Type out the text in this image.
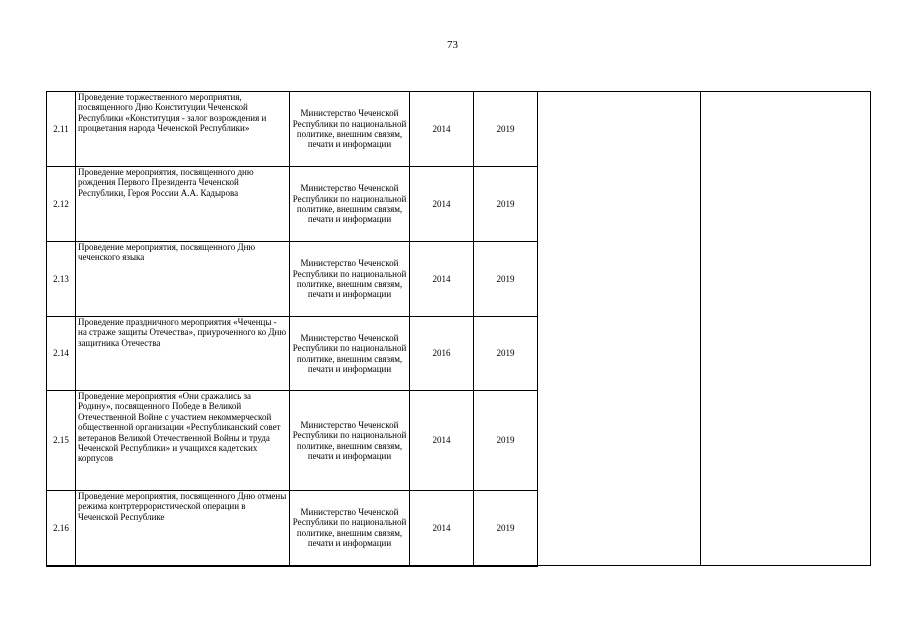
73
2.11	Проведение торжественного мероприятия, посвященного Дню Конституции Чеченской Республики «Конституция - залог возрождения и процветания народа Чеченской Республики»	Министерство Чеченской Республики по национальной политике, внешним связям, печати и информации	2014	2019		
2.12	Проведение мероприятия, посвященного дню рождения Первого Президента Чеченской Республики, Героя России А.А. Кадырова	Министерство Чеченской Республики по национальной политике, внешним связям, печати и информации	2014	2019		
2.13	Проведение мероприятия, посвященного Дню чеченского языка	Министерство Чеченской Республики по национальной политике, внешним связям, печати и информации	2014	2019		
2.14	Проведение праздничного мероприятия «Чеченцы - на страже защиты Отечества», приуроченного ко Дню защитника Отечества	Министерство Чеченской Республики по национальной политике, внешним связям, печати и информации	2016	2019		
2.15	Проведение мероприятия «Они сражались за Родину», посвященного Победе в Великой Отечественной Войне с участием некоммерческой общественной организации «Республиканский совет ветеранов Великой Отечественной Войны и труда Чеченской Республики» и учащихся кадетских корпусов	Министерство Чеченской Республики по национальной политике, внешним связям, печати и информации	2014	2019		
2.16	Проведение мероприятия, посвященного Дню отмены режима контртеррористической операции в Чеченской Республике	Министерство Чеченской Республики по национальной политике, внешним связям, печати и информации	2014	2019		
